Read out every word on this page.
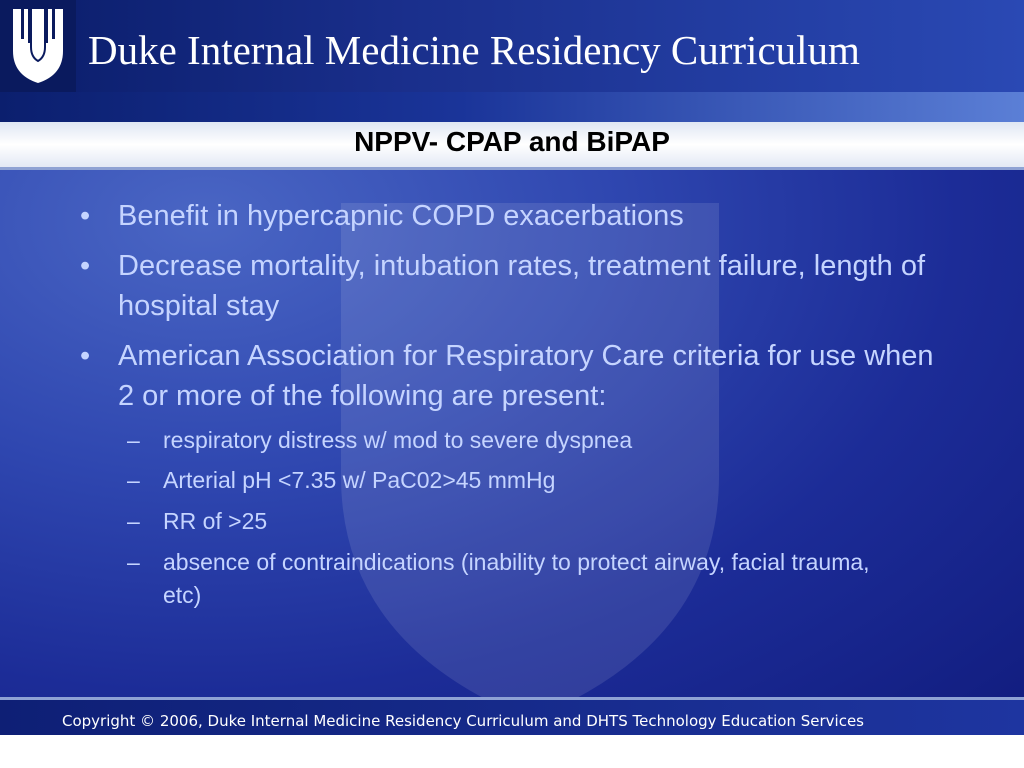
Duke Internal Medicine Residency Curriculum
NPPV- CPAP and BiPAP
• Benefit in hypercapnic COPD exacerbations
• Decrease mortality, intubation rates, treatment failure, length of hospital stay
• American Association for Respiratory Care criteria for use when 2 or more of the following are present:
– respiratory distress w/ mod to severe dyspnea
– Arterial pH <7.35 w/ PaC02>45 mmHg
– RR of >25
– absence of contraindications (inability to protect airway, facial trauma, etc)
Copyright © 2006, Duke Internal Medicine Residency Curriculum and DHTS Technology Education Services
